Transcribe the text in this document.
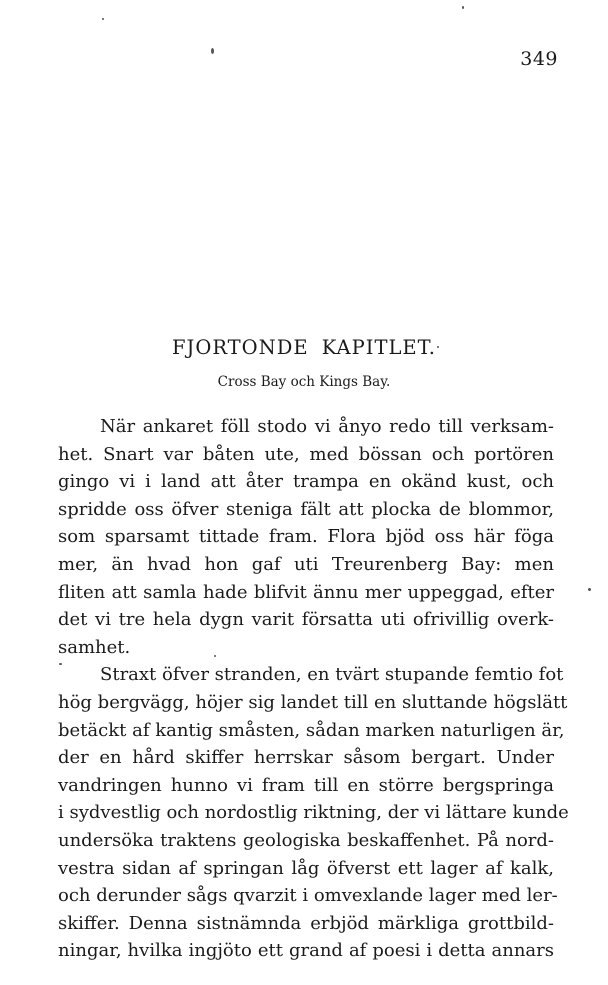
349
FJORTONDE KAPITLET.
Cross Bay och Kings Bay.
När ankaret föll stodo vi ånyo redo till verksam-
het. Snart var båten ute, med bössan och portören
gingo vi i land att åter trampa en okänd kust, och
spridde oss öfver steniga fält att plocka de blommor,
som sparsamt tittade fram. Flora bjöd oss här föga
mer, än hvad hon gaf uti Treurenberg Bay: men
fliten att samla hade blifvit ännu mer uppeggad, efter
det vi tre hela dygn varit försatta uti ofrivillig overk-
samhet.
Straxt öfver stranden, en tvärt stupande femtio fot
hög bergvägg, höjer sig landet till en sluttande högslätt
betäckt af kantig småsten, sådan marken naturligen är,
der en hård skiffer herrskar såsom bergart. Under
vandringen hunno vi fram till en större bergspringa
i sydvestlig och nordostlig riktning, der vi lättare kunde
undersöka traktens geologiska beskaffenhet. På nord-
vestra sidan af springan låg öfverst ett lager af kalk,
och derunder sågs qvarzit i omvexlande lager med ler-
skiffer. Denna sistnämnda erbjöd märkliga grottbild-
ningar, hvilka ingjöto ett grand af poesi i detta annars
